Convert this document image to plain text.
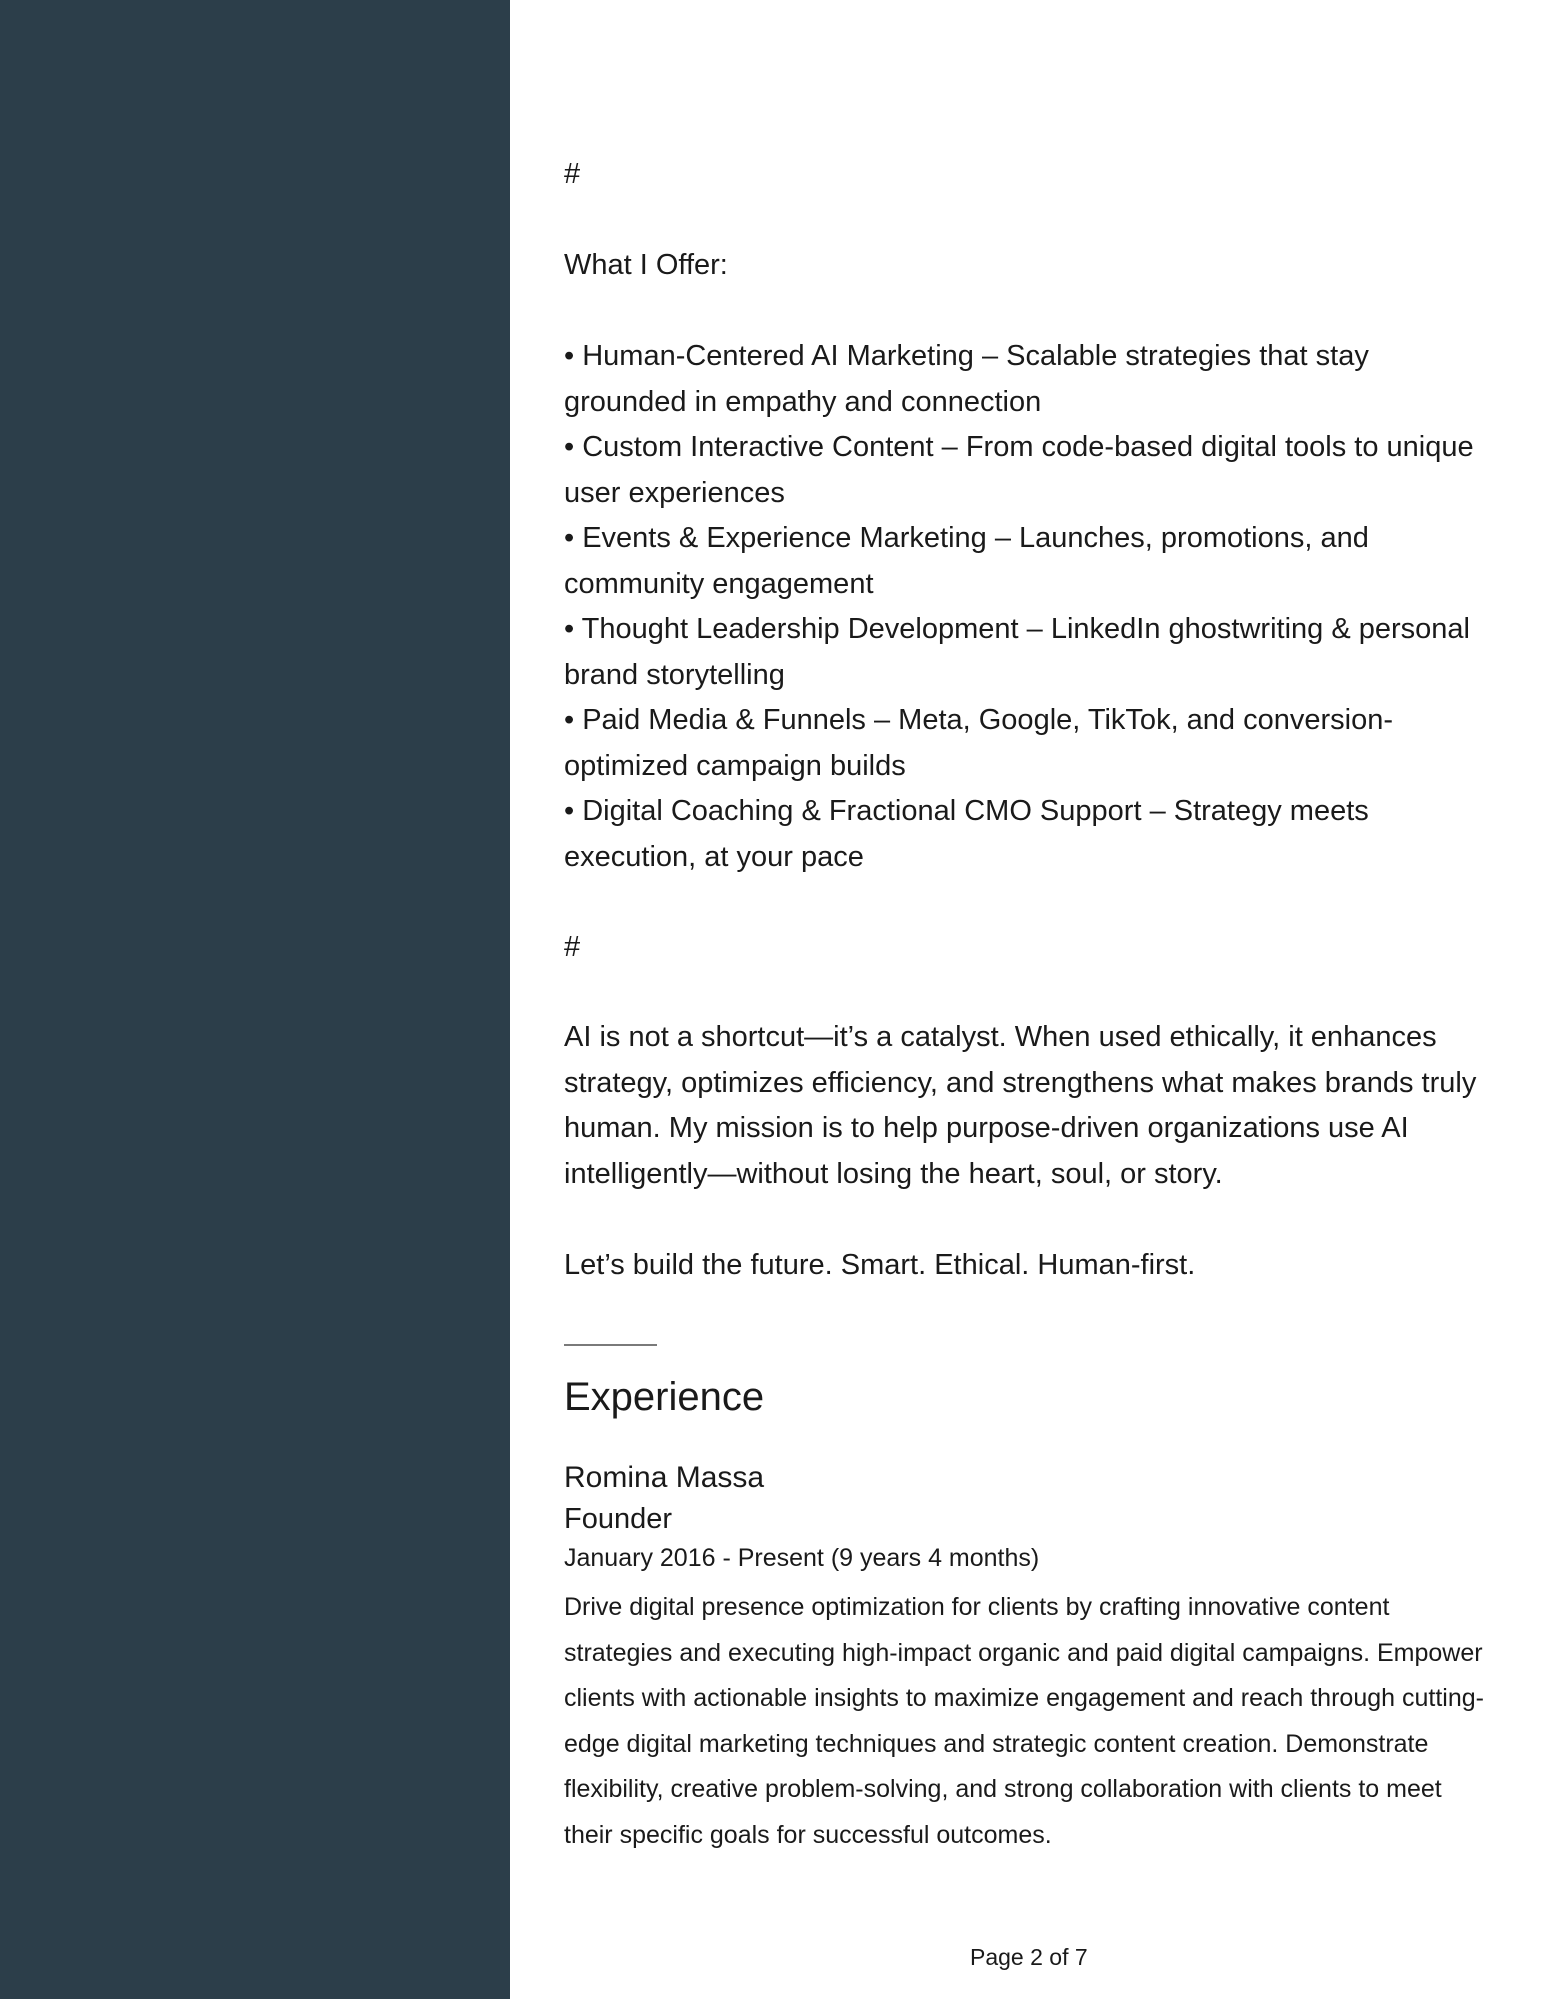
#

What I Offer:

• Human-Centered AI Marketing – Scalable strategies that stay grounded in empathy and connection
• Custom Interactive Content – From code-based digital tools to unique user experiences
• Events & Experience Marketing – Launches, promotions, and community engagement
• Thought Leadership Development – LinkedIn ghostwriting & personal brand storytelling
• Paid Media & Funnels – Meta, Google, TikTok, and conversion-optimized campaign builds
• Digital Coaching & Fractional CMO Support – Strategy meets execution, at your pace

#

AI is not a shortcut—it’s a catalyst. When used ethically, it enhances strategy, optimizes efficiency, and strengthens what makes brands truly human. My mission is to help purpose-driven organizations use AI intelligently—without losing the heart, soul, or story.

Let’s build the future. Smart. Ethical. Human-first.

Experience
Romina Massa
Founder
January 2016 - Present (9 years 4 months)

Drive digital presence optimization for clients by crafting innovative content strategies and executing high-impact organic and paid digital campaigns. Empower clients with actionable insights to maximize engagement and reach through cutting-edge digital marketing techniques and strategic content creation. Demonstrate flexibility, creative problem-solving, and strong collaboration with clients to meet their specific goals for successful outcomes.

Page 2 of 7
